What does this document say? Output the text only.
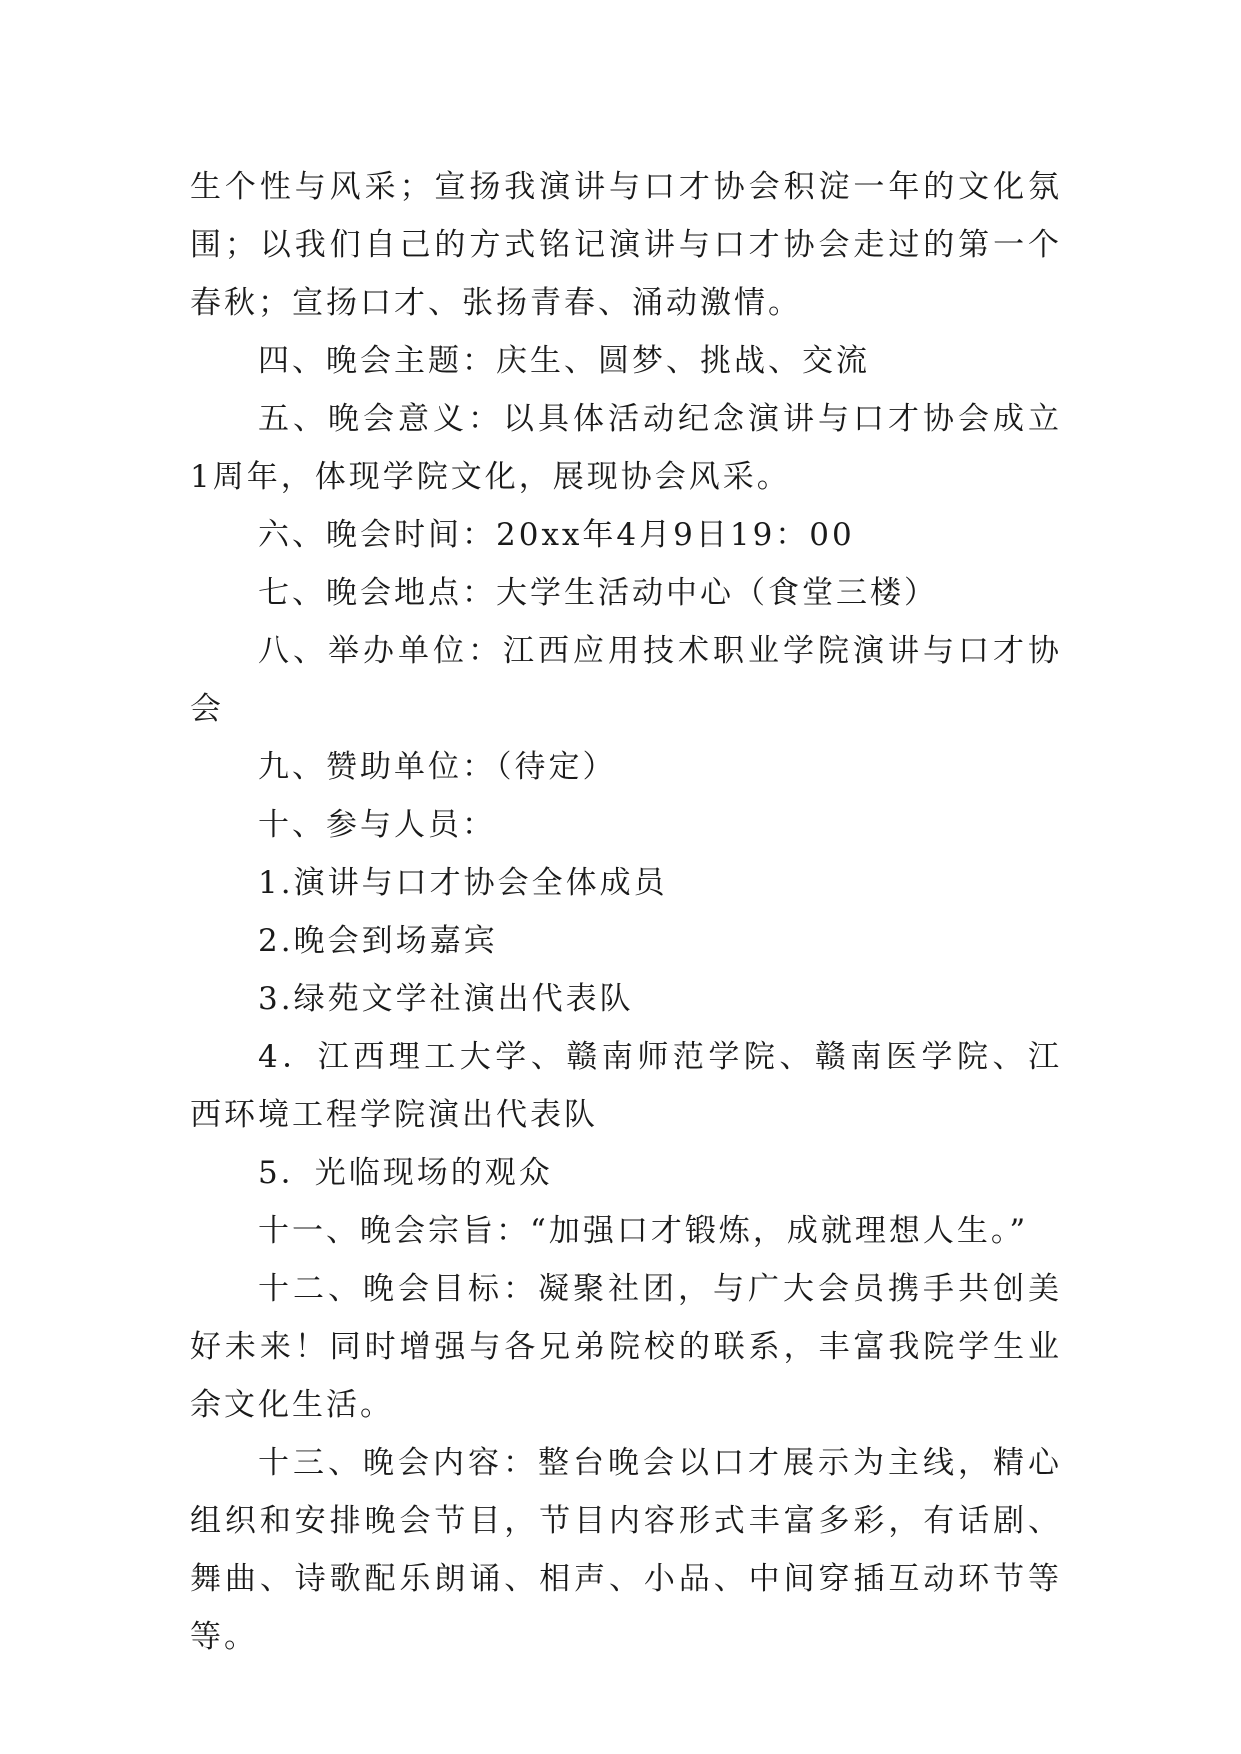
生个性与风采；宣扬我演讲与口才协会积淀一年的文化氛围；以我们自己的方式铭记演讲与口才协会走过的第一个春秋；宣扬口才、张扬青春、涌动激情。

四、晚会主题：庆生、圆梦、挑战、交流

五、晚会意义：以具体活动纪念演讲与口才协会成立1周年，体现学院文化，展现协会风采。

六、晚会时间：20xx年4月9日19：00

七、晚会地点：大学生活动中心（食堂三楼）

八、举办单位：江西应用技术职业学院演讲与口才协会

九、赞助单位：（待定）

十、参与人员：

1.演讲与口才协会全体成员

2.晚会到场嘉宾

3.绿苑文学社演出代表队

4．江西理工大学、赣南师范学院、赣南医学院、江西环境工程学院演出代表队

5．光临现场的观众

十一、晚会宗旨：“加强口才锻炼，成就理想人生。”

十二、晚会目标：凝聚社团，与广大会员携手共创美好未来！同时增强与各兄弟院校的联系，丰富我院学生业余文化生活。

十三、晚会内容：整台晚会以口才展示为主线，精心组织和安排晚会节目，节目内容形式丰富多彩，有话剧、舞曲、诗歌配乐朗诵、相声、小品、中间穿插互动环节等等。
